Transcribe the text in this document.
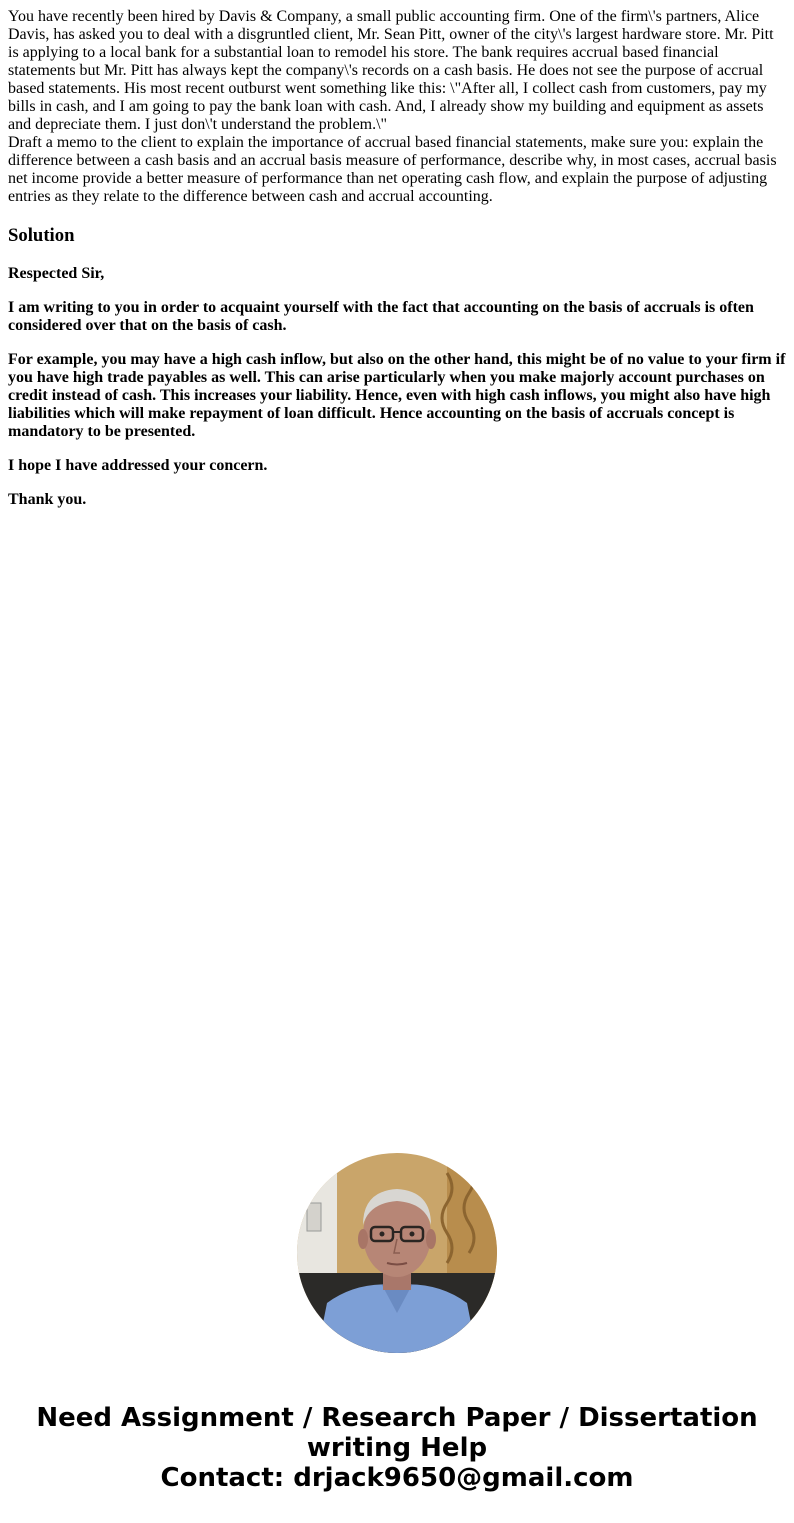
You have recently been hired by Davis & Company, a small public accounting firm. One of the firm\'s partners, Alice Davis, has asked you to deal with a disgruntled client, Mr. Sean Pitt, owner of the city\'s largest hardware store. Mr. Pitt is applying to a local bank for a substantial loan to remodel his store. The bank requires accrual based financial statements but Mr. Pitt has always kept the company\'s records on a cash basis. He does not see the purpose of accrual based statements. His most recent outburst went something like this: \"After all, I collect cash from customers, pay my bills in cash, and I am going to pay the bank loan with cash. And, I already show my building and equipment as assets and depreciate them. I just don\'t understand the problem.\"

Draft a memo to the client to explain the importance of accrual based financial statements, make sure you: explain the difference between a cash basis and an accrual basis measure of performance, describe why, in most cases, accrual basis net income provide a better measure of performance than net operating cash flow, and explain the purpose of adjusting entries as they relate to the difference between cash and accrual accounting.

Solution

Respected Sir,

I am writing to you in order to acquaint yourself with the fact that accounting on the basis of accruals is often considered over that on the basis of cash.

For example, you may have a high cash inflow, but also on the other hand, this might be of no value to your firm if you have high trade payables as well. This can arise particularly when you make majorly account purchases on credit instead of cash. This increases your liability. Hence, even with high cash inflows, you might also have high liabilities which will make repayment of loan difficult. Hence accounting on the basis of accruals concept is mandatory to be presented.

I hope I have addressed your concern.

Thank you.

Need Assignment / Research Paper / Dissertation
writing Help
Contact: drjack9650@gmail.com
